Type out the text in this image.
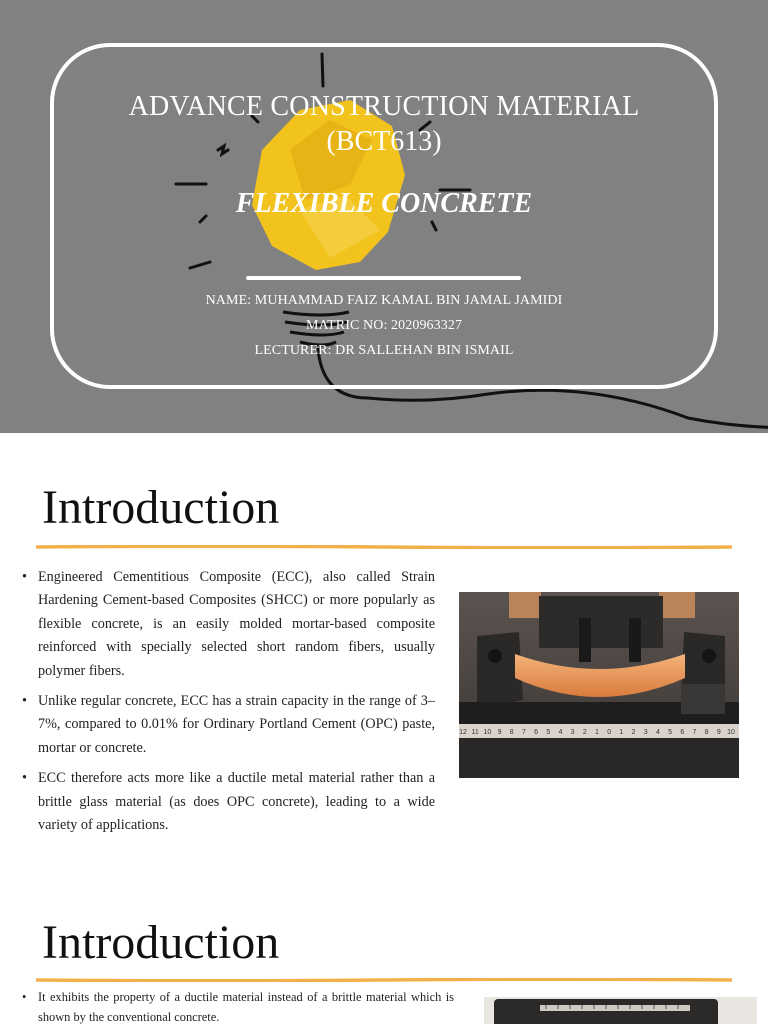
ADVANCE CONSTRUCTION MATERIAL
(BCT613)
FLEXIBLE CONCRETE
NAME: MUHAMMAD FAIZ KAMAL BIN JAMAL JAMIDI
MATRIC NO: 2020963327
LECTURER: DR SALLEHAN BIN ISMAIL
Introduction
• Engineered Cementitious Composite (ECC), also called Strain Hardening Cement-based Composites (SHCC) or more popularly as flexible concrete, is an easily molded mortar-based composite reinforced with specially selected short random fibers, usually polymer fibers.
• Unlike regular concrete, ECC has a strain capacity in the range of 3–7%, compared to 0.01% for Ordinary Portland Cement (OPC) paste, mortar or concrete.
• ECC therefore acts more like a ductile metal material rather than a brittle glass material (as does OPC concrete), leading to a wide variety of applications.
12 11 10 9 8 7 6 5 4 3 2 1 0 1 2 3 4 5 6 7 8 9 10
Introduction
• It exhibits the property of a ductile material instead of a brittle material which is shown by the conventional concrete.
